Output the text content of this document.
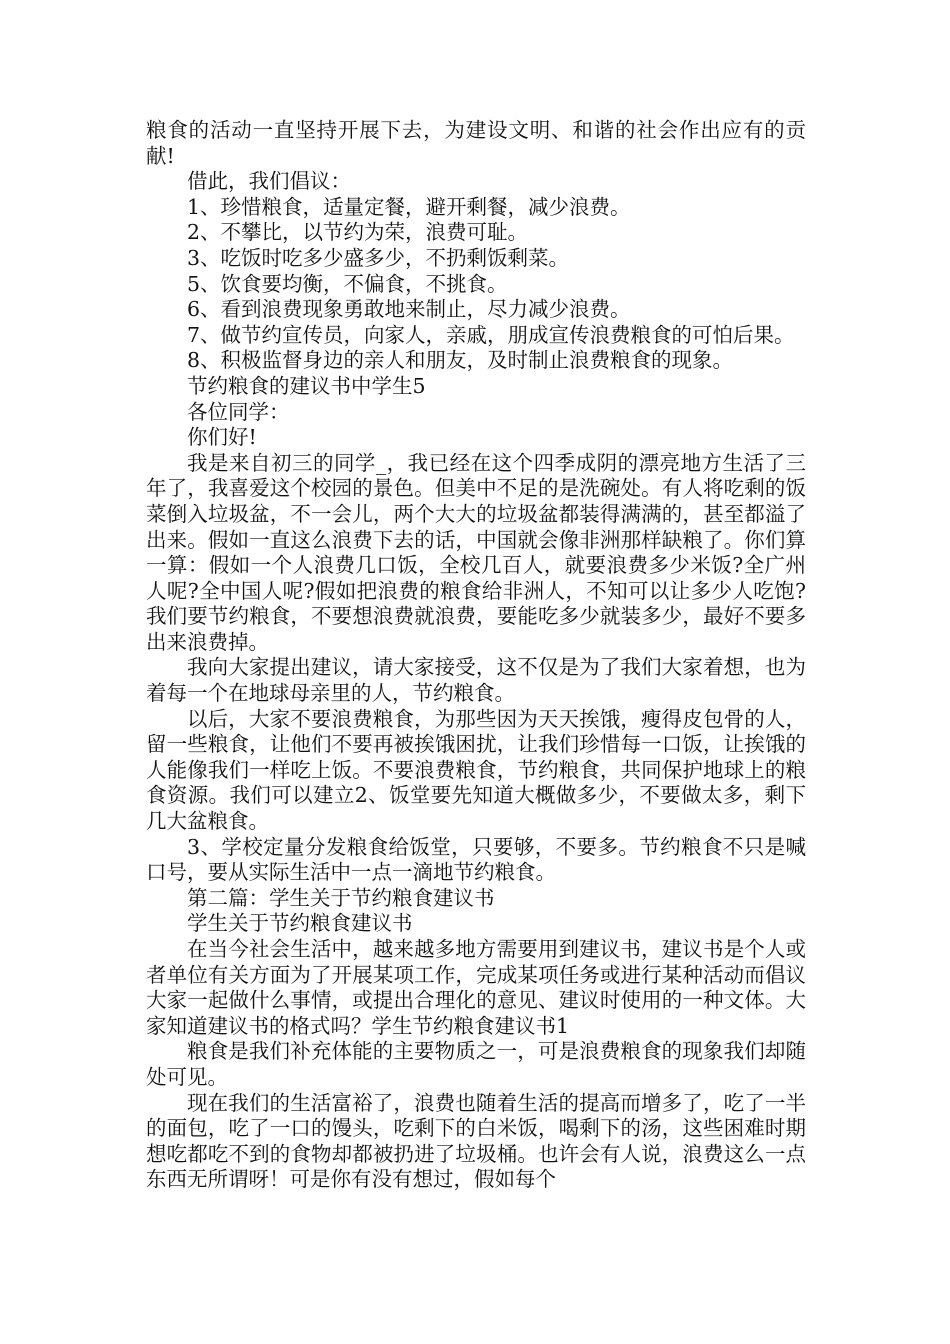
粮食的活动一直坚持开展下去，为建设文明、和谐的社会作出应有的贡献!

借此，我们倡议：

1、珍惜粮食，适量定餐，避开剩餐，减少浪费。

2、不攀比，以节约为荣，浪费可耻。

3、吃饭时吃多少盛多少，不扔剩饭剩菜。

5、饮食要均衡，不偏食，不挑食。

6、看到浪费现象勇敢地来制止，尽力减少浪费。

7、做节约宣传员，向家人，亲戚，朋成宣传浪费粮食的可怕后果。

8、积极监督身边的亲人和朋友，及时制止浪费粮食的现象。

节约粮食的建议书中学生5

各位同学：

你们好!

我是来自初三的同学_，我已经在这个四季成阴的漂亮地方生活了三年了，我喜爱这个校园的景色。但美中不足的是洗碗处。有人将吃剩的饭菜倒入垃圾盆，不一会儿，两个大大的垃圾盆都装得满满的，甚至都溢了出来。假如一直这么浪费下去的话，中国就会像非洲那样缺粮了。你们算一算：假如一个人浪费几口饭，全校几百人，就要浪费多少米饭?全广州人呢?全中国人呢?假如把浪费的粮食给非洲人，不知可以让多少人吃饱?我们要节约粮食，不要想浪费就浪费，要能吃多少就装多少，最好不要多出来浪费掉。

我向大家提出建议，请大家接受，这不仅是为了我们大家着想，也为着每一个在地球母亲里的人，节约粮食。

以后，大家不要浪费粮食，为那些因为天天挨饿，瘦得皮包骨的人，留一些粮食，让他们不要再被挨饿困扰，让我们珍惜每一口饭，让挨饿的人能像我们一样吃上饭。不要浪费粮食，节约粮食，共同保护地球上的粮食资源。我们可以建立2、饭堂要先知道大概做多少，不要做太多，剩下几大盆粮食。

3、学校定量分发粮食给饭堂，只要够，不要多。节约粮食不只是喊口号，要从实际生活中一点一滴地节约粮食。

第二篇：学生关于节约粮食建议书

学生关于节约粮食建议书

在当今社会生活中，越来越多地方需要用到建议书，建议书是个人或者单位有关方面为了开展某项工作，完成某项任务或进行某种活动而倡议大家一起做什么事情，或提出合理化的意见、建议时使用的一种文体。大家知道建议书的格式吗？学生节约粮食建议书1

粮食是我们补充体能的主要物质之一，可是浪费粮食的现象我们却随处可见。

现在我们的生活富裕了，浪费也随着生活的提高而增多了，吃了一半的面包，吃了一口的馒头，吃剩下的白米饭，喝剩下的汤，这些困难时期想吃都吃不到的食物却都被扔进了垃圾桶。也许会有人说，浪费这么一点东西无所谓呀！可是你有没有想过，假如每个
